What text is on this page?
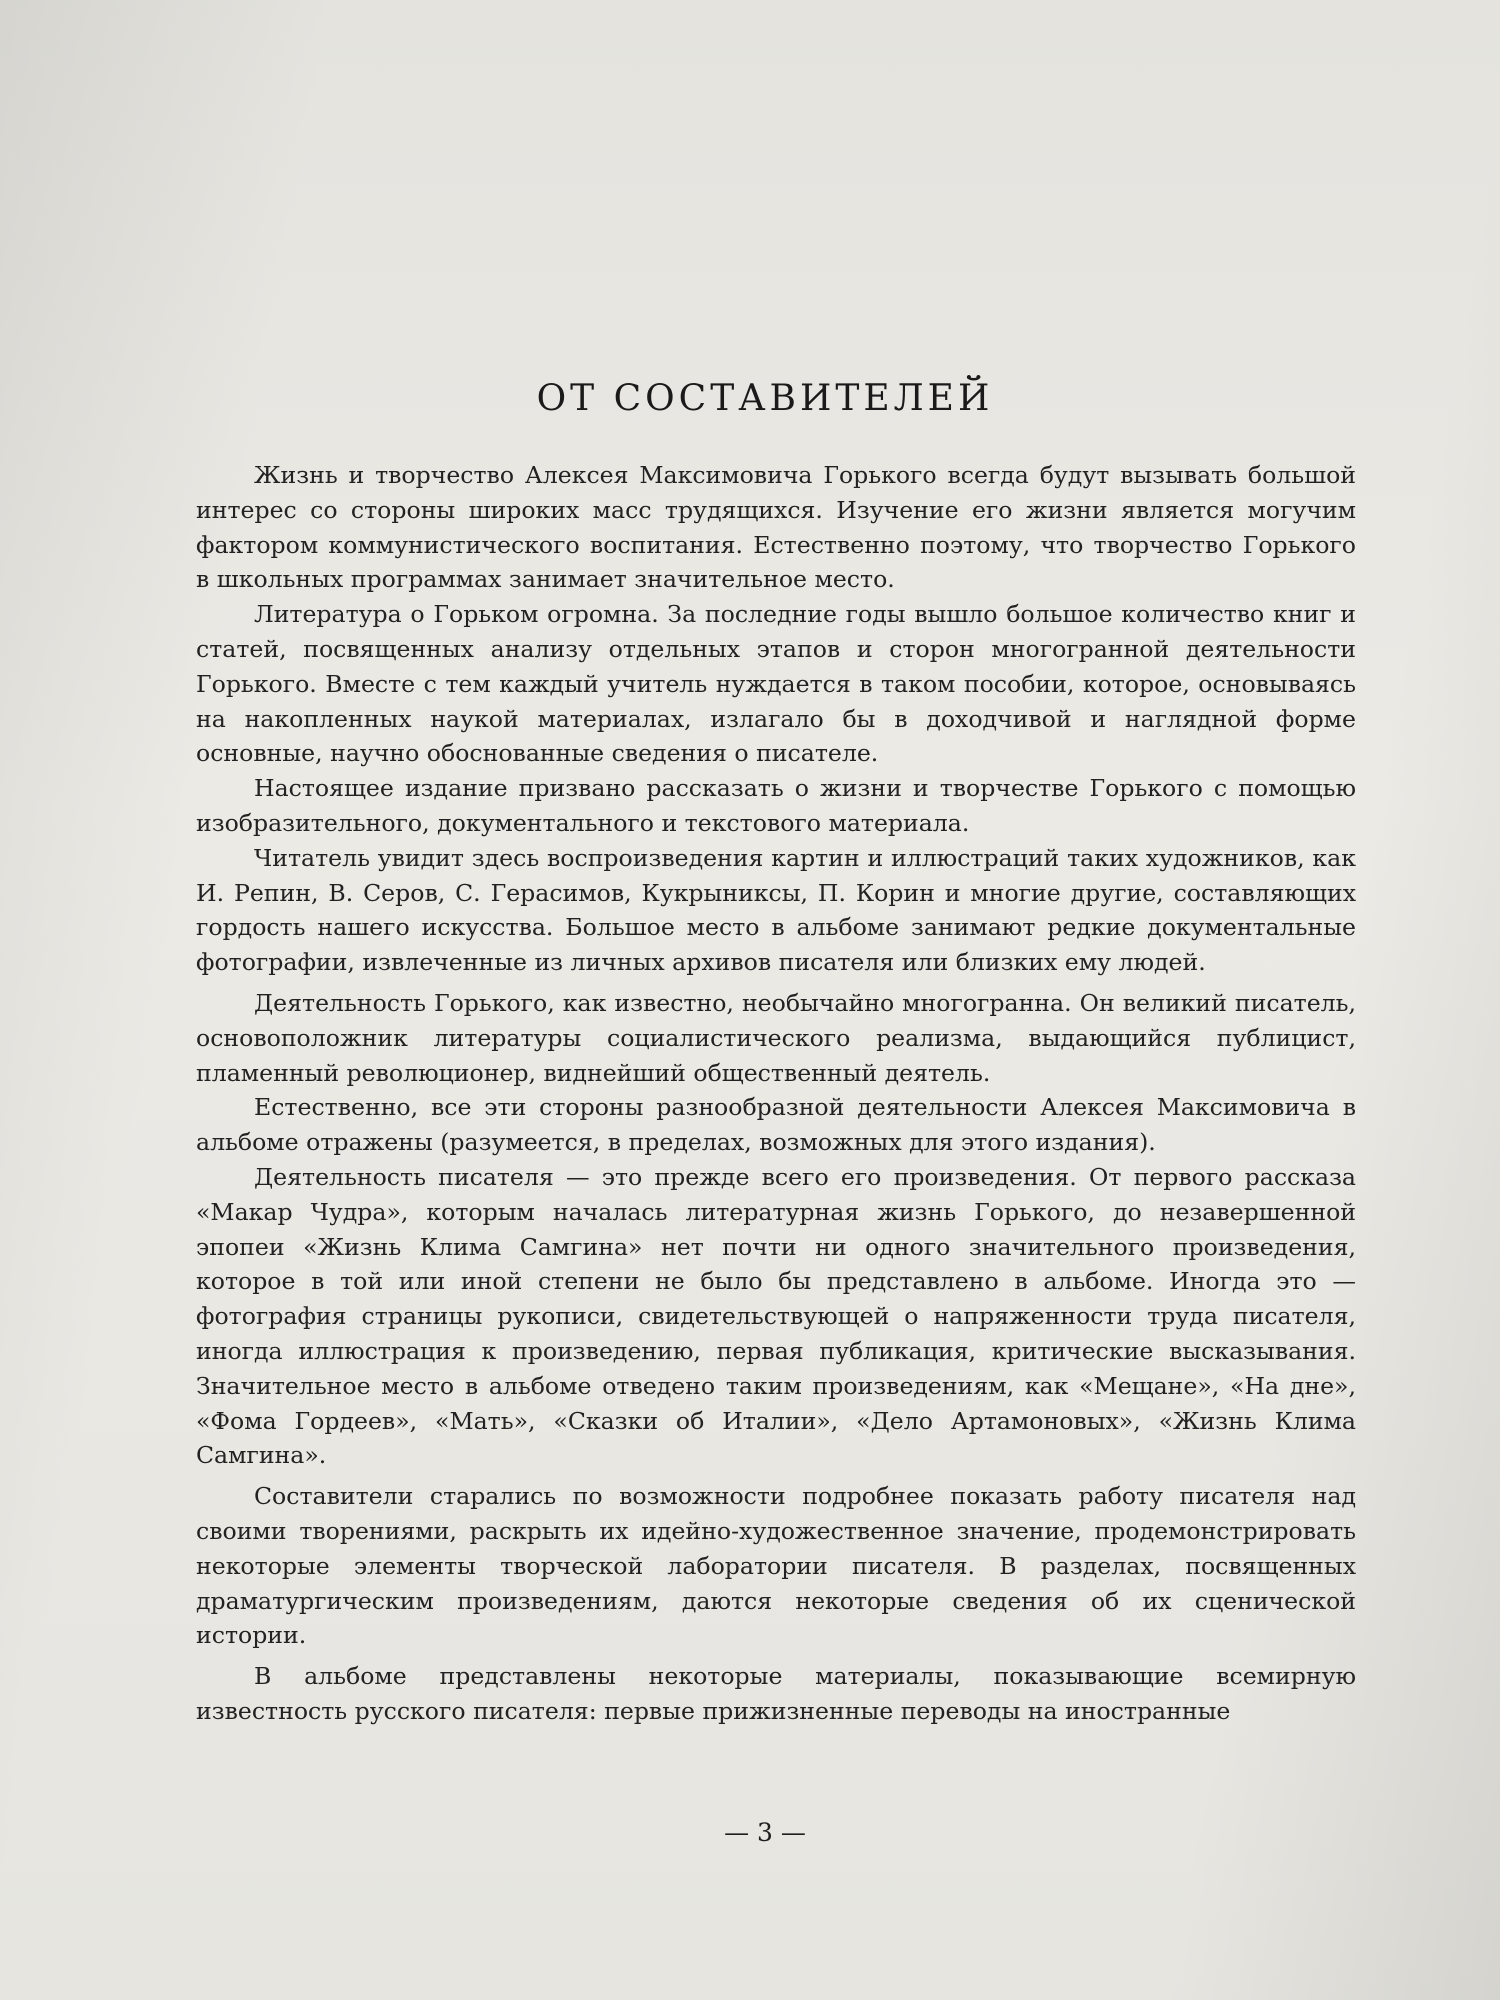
ОТ СОСТАВИТЕЛЕЙ

Жизнь и творчество Алексея Максимовича Горького всегда будут вызывать большой интерес со стороны широких масс трудящихся. Изучение его жизни является могучим фактором коммунистического воспитания. Естественно поэтому, что творчество Горького в школьных программах занимает значительное место.

Литература о Горьком огромна. За последние годы вышло большое количество книг и статей, посвященных анализу отдельных этапов и сторон многогранной деятельности Горького. Вместе с тем каждый учитель нуждается в таком пособии, которое, основываясь на накопленных наукой материалах, излагало бы в доходчивой и наглядной форме основные, научно обоснованные сведения о писателе.

Настоящее издание призвано рассказать о жизни и творчестве Горького с помощью изобразительного, документального и текстового материала.

Читатель увидит здесь воспроизведения картин и иллюстраций таких художников, как И. Репин, В. Серов, С. Герасимов, Кукрыниксы, П. Корин и многие другие, составляющих гордость нашего искусства. Большое место в альбоме занимают редкие документальные фотографии, извлеченные из личных архивов писателя или близких ему людей.

Деятельность Горького, как известно, необычайно многогранна. Он великий писатель, основоположник литературы социалистического реализма, выдающийся публицист, пламенный революционер, виднейший общественный деятель.

Естественно, все эти стороны разнообразной деятельности Алексея Максимовича в альбоме отражены (разумеется, в пределах, возможных для этого издания).

Деятельность писателя — это прежде всего его произведения. От первого рассказа «Макар Чудра», которым началась литературная жизнь Горького, до незавершенной эпопеи «Жизнь Клима Самгина» нет почти ни одного значительного произведения, которое в той или иной степени не было бы представлено в альбоме. Иногда это — фотография страницы рукописи, свидетельствующей о напряженности труда писателя, иногда иллюстрация к произведению, первая публикация, критические высказывания. Значительное место в альбоме отведено таким произведениям, как «Мещане», «На дне», «Фома Гордеев», «Мать», «Сказки об Италии», «Дело Артамоновых», «Жизнь Клима Самгина».

Составители старались по возможности подробнее показать работу писателя над своими творениями, раскрыть их идейно-художественное значение, продемонстрировать некоторые элементы творческой лаборатории писателя. В разделах, посвященных драматургическим произведениям, даются некоторые сведения об их сценической истории.

В альбоме представлены некоторые материалы, показывающие всемирную известность русского писателя: первые прижизненные переводы на иностранные

— 3 —
